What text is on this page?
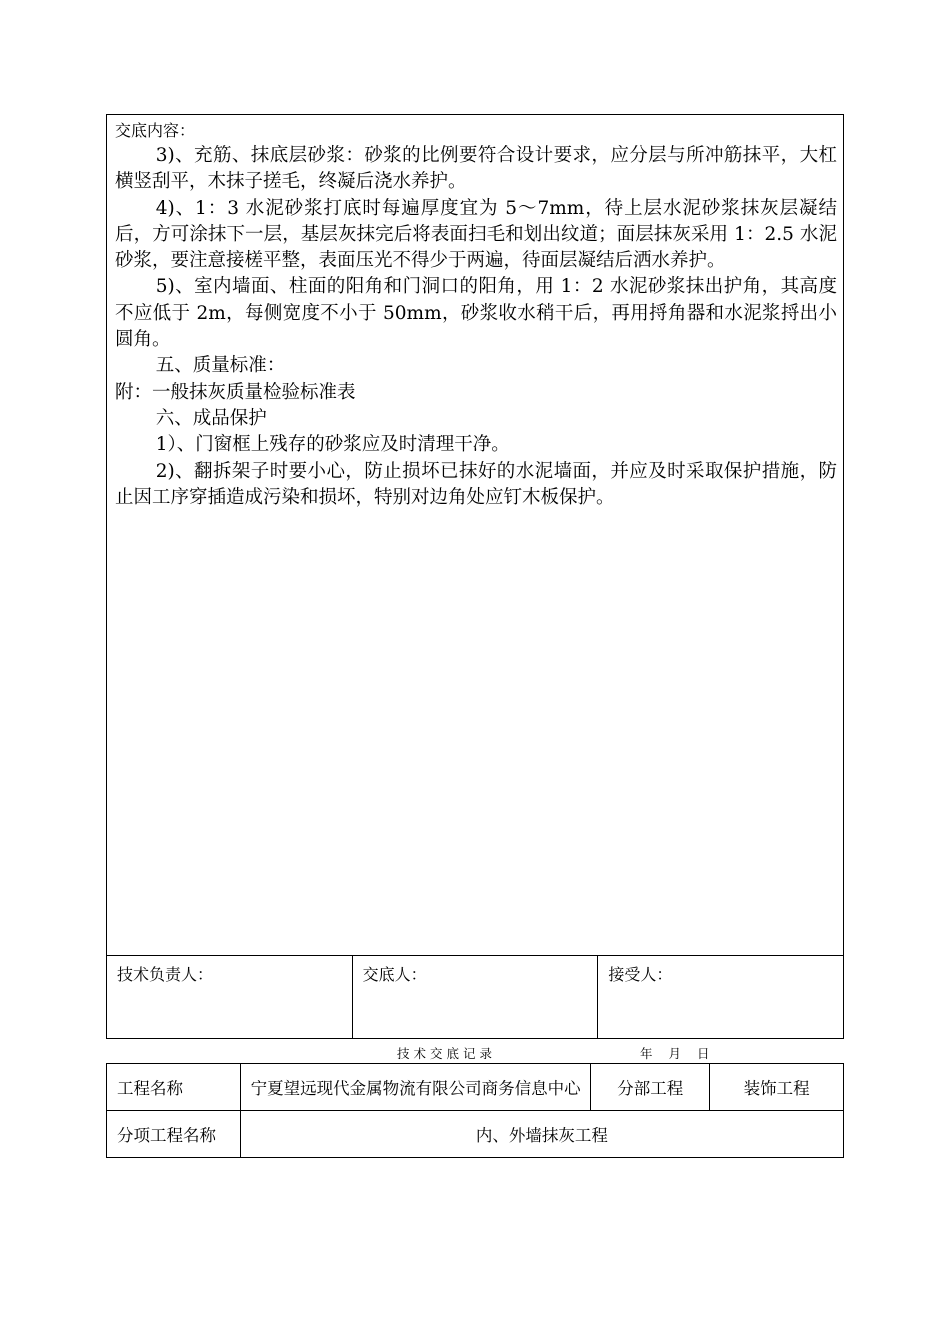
交底内容：

3)、充筋、抹底层砂浆：砂浆的比例要符合设计要求，应分层与所冲筋抹平，大杠横竖刮平，木抹子搓毛，终凝后浇水养护。

4)、1：3 水泥砂浆打底时每遍厚度宜为 5～7mm，待上层水泥砂浆抹灰层凝结后，方可涂抹下一层，基层灰抹完后将表面扫毛和划出纹道；面层抹灰采用 1：2.5 水泥砂浆，要注意接槎平整，表面压光不得少于两遍，待面层凝结后洒水养护。

5)、室内墙面、柱面的阳角和门洞口的阳角，用 1：2 水泥砂浆抹出护角，其高度不应低于 2m，每侧宽度不小于 50mm，砂浆收水稍干后，再用捋角器和水泥浆捋出小圆角。

五、质量标准：

附：一般抹灰质量检验标准表

六、成品保护

1）、门窗框上残存的砂浆应及时清理干净。

2)、翻拆架子时要小心，防止损坏已抹好的水泥墙面，并应及时采取保护措施，防止因工序穿插造成污染和损坏，特别对边角处应钉木板保护。

技术负责人：	交底人：	接受人：
技术交底记录	年 月 日
工程名称	宁夏望远现代金属物流有限公司商务信息中心	分部工程	装饰工程
分项工程名称	内、外墙抹灰工程		
